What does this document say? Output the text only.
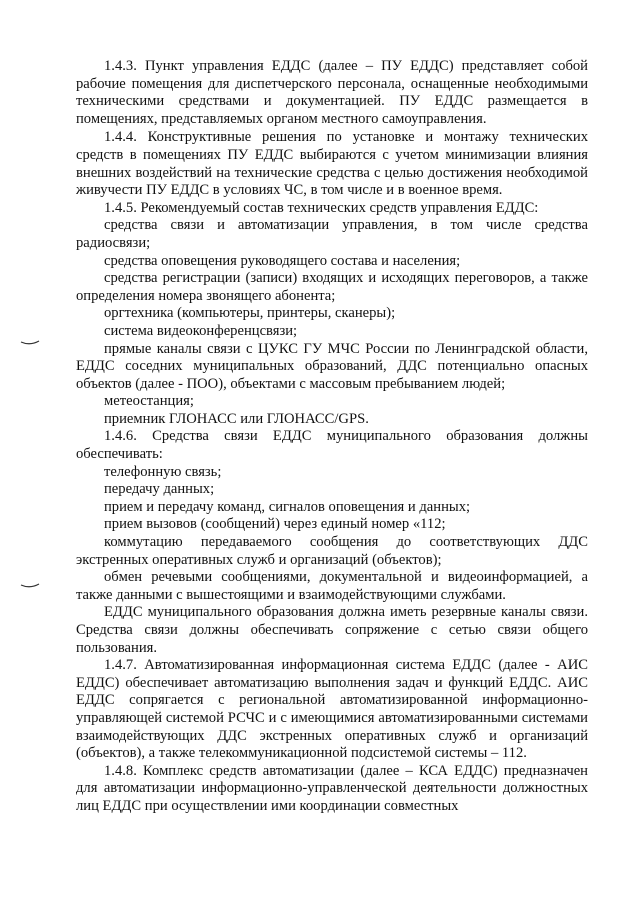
1.4.3. Пункт управления ЕДДС (далее – ПУ ЕДДС) представляет собой рабочие помещения для диспетчерского персонала, оснащенные необходимыми техническими средствами и документацией. ПУ ЕДДС размещается в помещениях, представляемых органом местного самоуправления.

1.4.4. Конструктивные решения по установке и монтажу технических средств в помещениях ПУ ЕДДС выбираются с учетом минимизации влияния внешних воздействий на технические средства с целью достижения необходимой живучести ПУ ЕДДС в условиях ЧС, в том числе и в военное время.

1.4.5. Рекомендуемый состав технических средств управления ЕДДС:

средства связи и автоматизации управления, в том числе средства радиосвязи;

средства оповещения руководящего состава и населения;

средства регистрации (записи) входящих и исходящих переговоров, а также определения номера звонящего абонента;

оргтехника (компьютеры, принтеры, сканеры);

система видеоконференцсвязи;

прямые каналы связи с ЦУКС ГУ МЧС России по Ленинградской области, ЕДДС соседних муниципальных образований, ДДС потенциально опасных объектов (далее - ПОО), объектами с массовым пребыванием людей;

метеостанция;

приемник ГЛОНАСС или ГЛОНАСС/GPS.

1.4.6. Средства связи ЕДДС муниципального образования должны обеспечивать:

телефонную связь;

передачу данных;

прием и передачу команд, сигналов оповещения и данных;

прием вызовов (сообщений) через единый номер «112;

коммутацию передаваемого сообщения до соответствующих ДДС экстренных оперативных служб и организаций (объектов);

обмен речевыми сообщениями, документальной и видеоинформацией, а также данными с вышестоящими и взаимодействующими службами.

ЕДДС муниципального образования должна иметь резервные каналы связи. Средства связи должны обеспечивать сопряжение с сетью связи общего пользования.

1.4.7. Автоматизированная информационная система ЕДДС (далее - АИС ЕДДС) обеспечивает автоматизацию выполнения задач и функций ЕДДС. АИС ЕДДС сопрягается с региональной автоматизированной информационно-управляющей системой РСЧС и с имеющимися автоматизированными системами взаимодействующих ДДС экстренных оперативных служб и организаций (объектов), а также телекоммуникационной подсистемой системы – 112.

1.4.8. Комплекс средств автоматизации (далее – КСА ЕДДС) предназначен для автоматизации информационно-управленческой деятельности должностных лиц ЕДДС при осуществлении ими координации совместных
